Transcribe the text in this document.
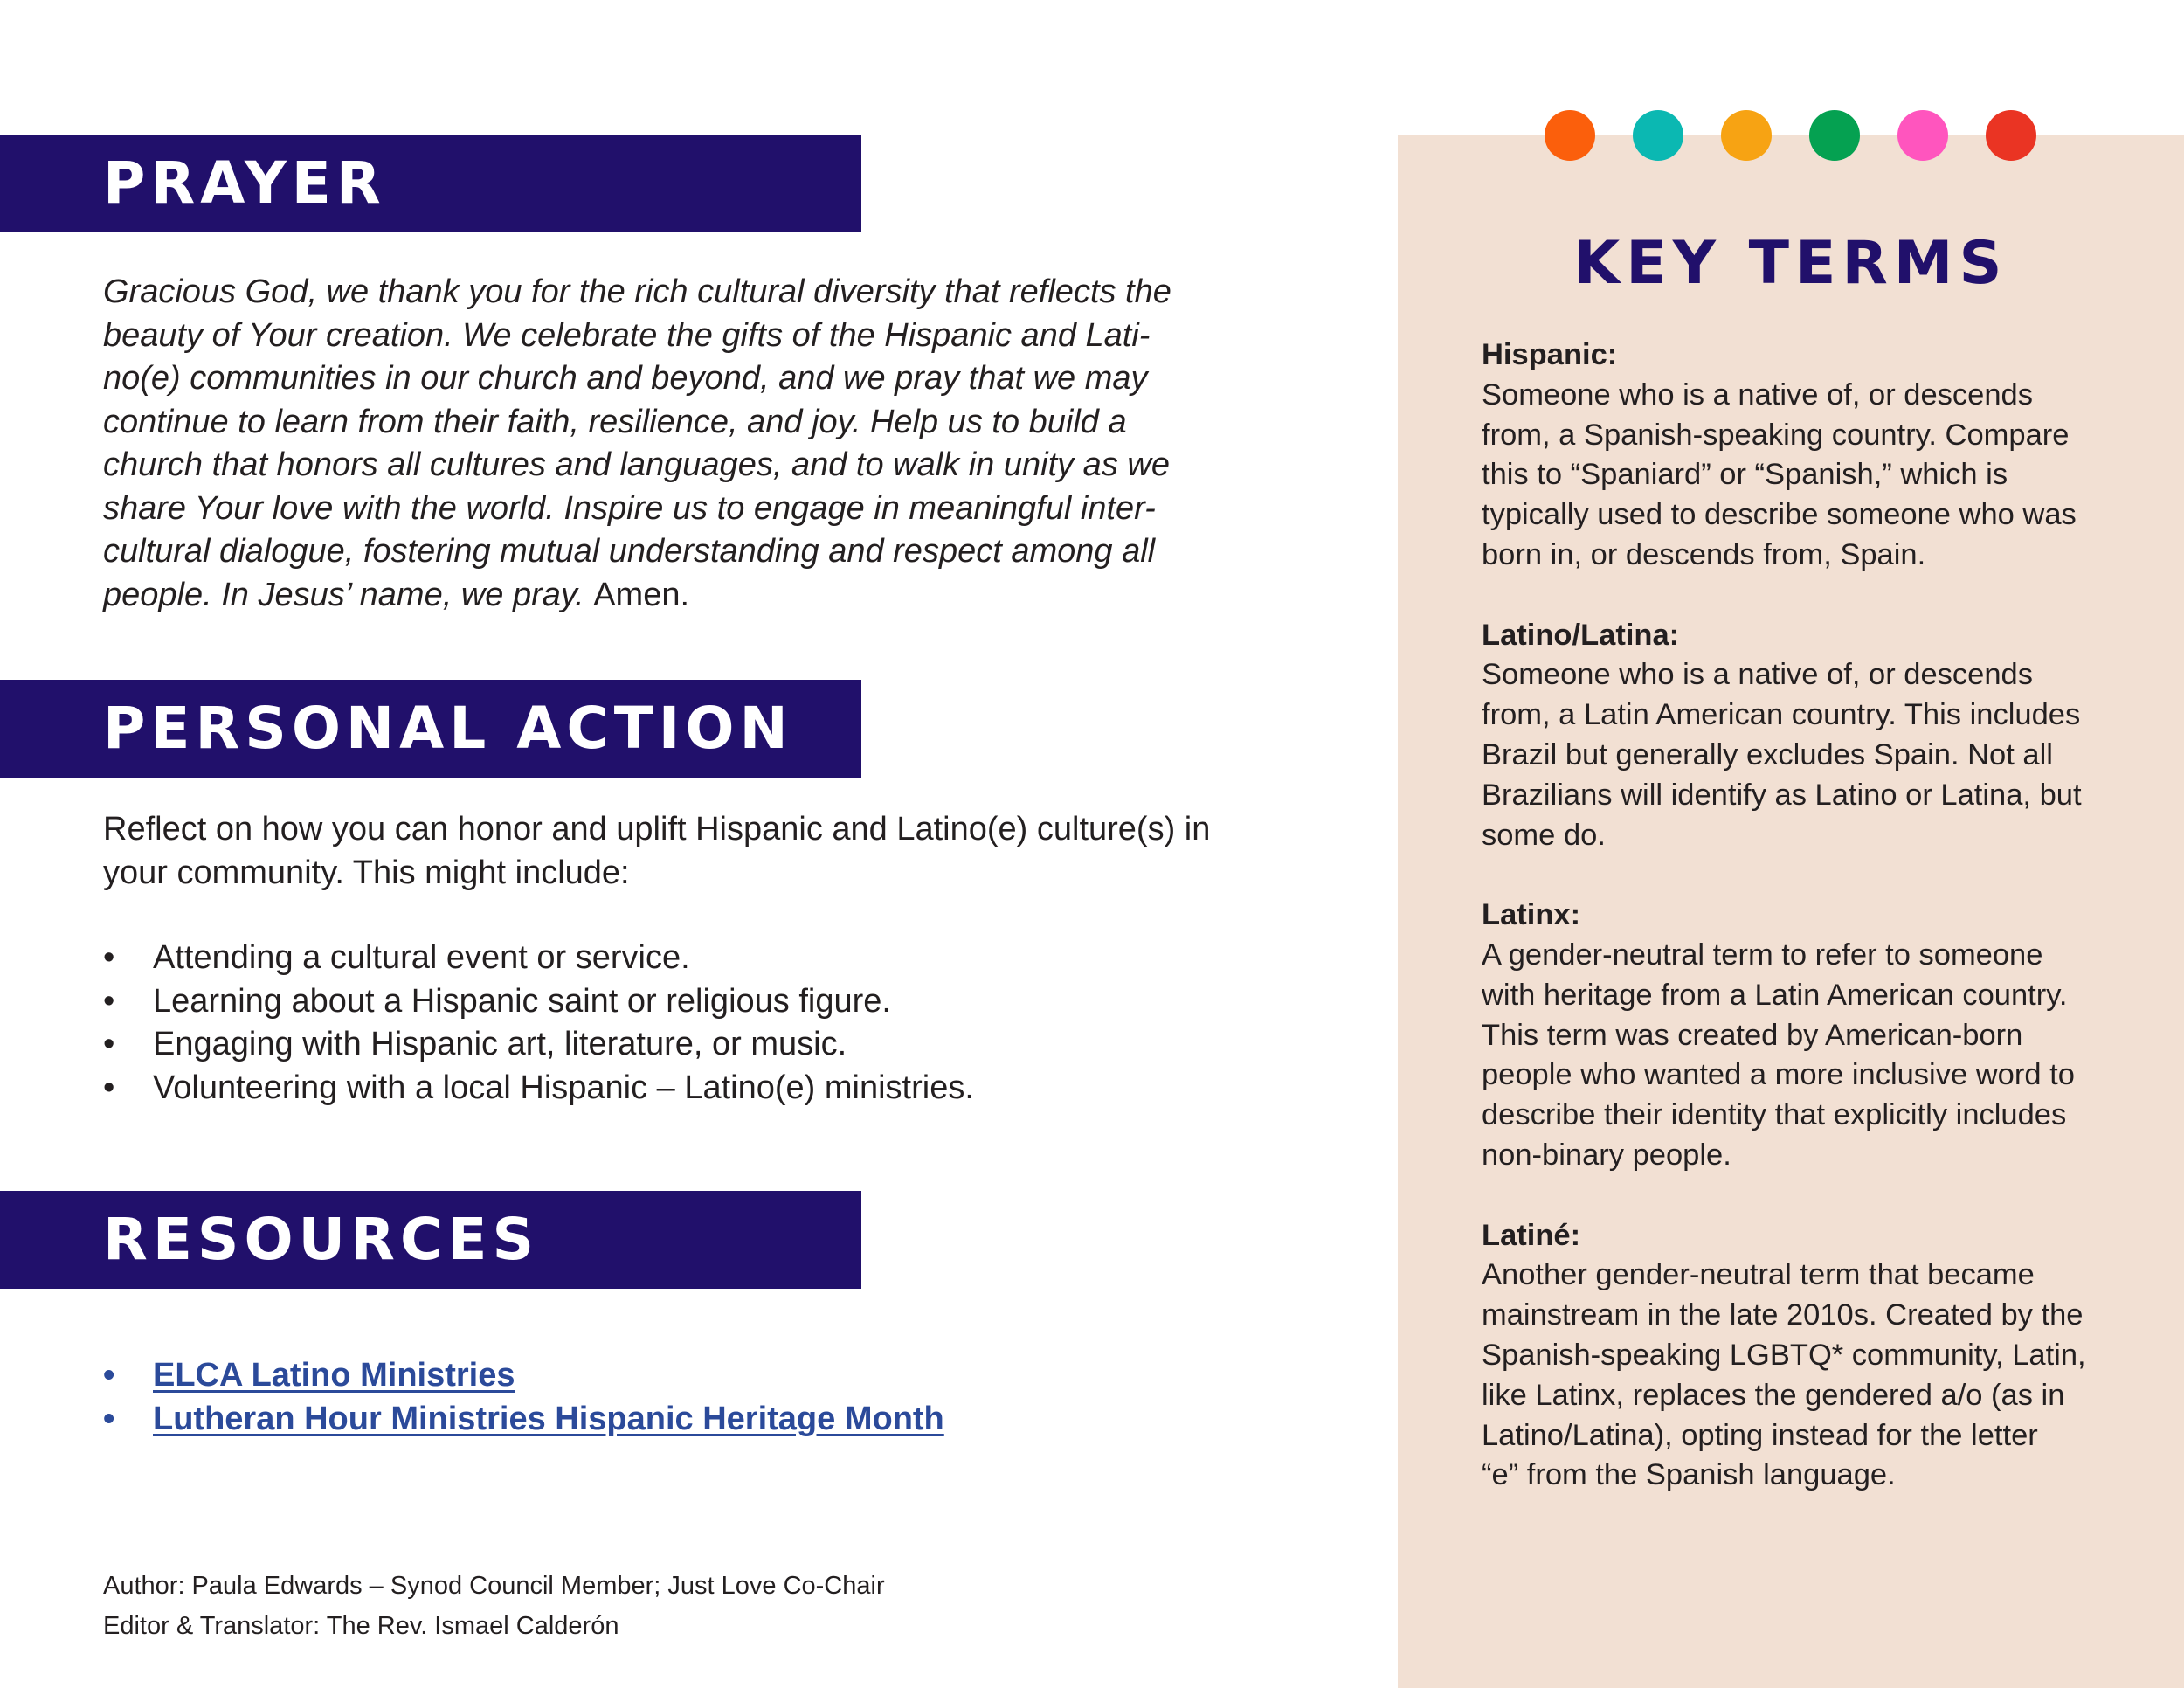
PRAYER

Gracious God, we thank you for the rich cultural diversity that reflects the
beauty of Your creation. We celebrate the gifts of the Hispanic and Lati-
no(e) communities in our church and beyond, and we pray that we may
continue to learn from their faith, resilience, and joy. Help us to build a
church that honors all cultures and languages, and to walk in unity as we
share Your love with the world. Inspire us to engage in meaningful inter-
cultural dialogue, fostering mutual understanding and respect among all
people. In Jesus’ name, we pray. Amen.

PERSONAL ACTION

Reflect on how you can honor and uplift Hispanic and Latino(e) culture(s) in
your community. This might include:

•	Attending a cultural event or service.
•	Learning about a Hispanic saint or religious figure.
•	Engaging with Hispanic art, literature, or music.
•	Volunteering with a local Hispanic – Latino(e) ministries.
RESOURCES
• ELCA Latino Ministries
• Lutheran Hour Ministries Hispanic Heritage Month
Author: Paula Edwards – Synod Council Member; Just Love Co-Chair
Editor & Translator: The Rev. Ismael Calderón
KEY TERMS
Hispanic:
Someone who is a native of, or descends
from, a Spanish-speaking country. Compare
this to “Spaniard” or “Spanish,” which is
typically used to describe someone who was
born in, or descends from, Spain.
Latino/Latina:
Someone who is a native of, or descends
from, a Latin American country. This includes
Brazil but generally excludes Spain. Not all
Brazilians will identify as Latino or Latina, but
some do.
Latinx:
A gender-neutral term to refer to someone
with heritage from a Latin American country.
This term was created by American-born
people who wanted a more inclusive word to
describe their identity that explicitly includes
non-binary people.
Latiné:
Another gender-neutral term that became
mainstream in the late 2010s. Created by the
Spanish-speaking LGBTQ* community, Latin,
like Latinx, replaces the gendered a/o (as in
Latino/Latina), opting instead for the letter
“e” from the Spanish language.
